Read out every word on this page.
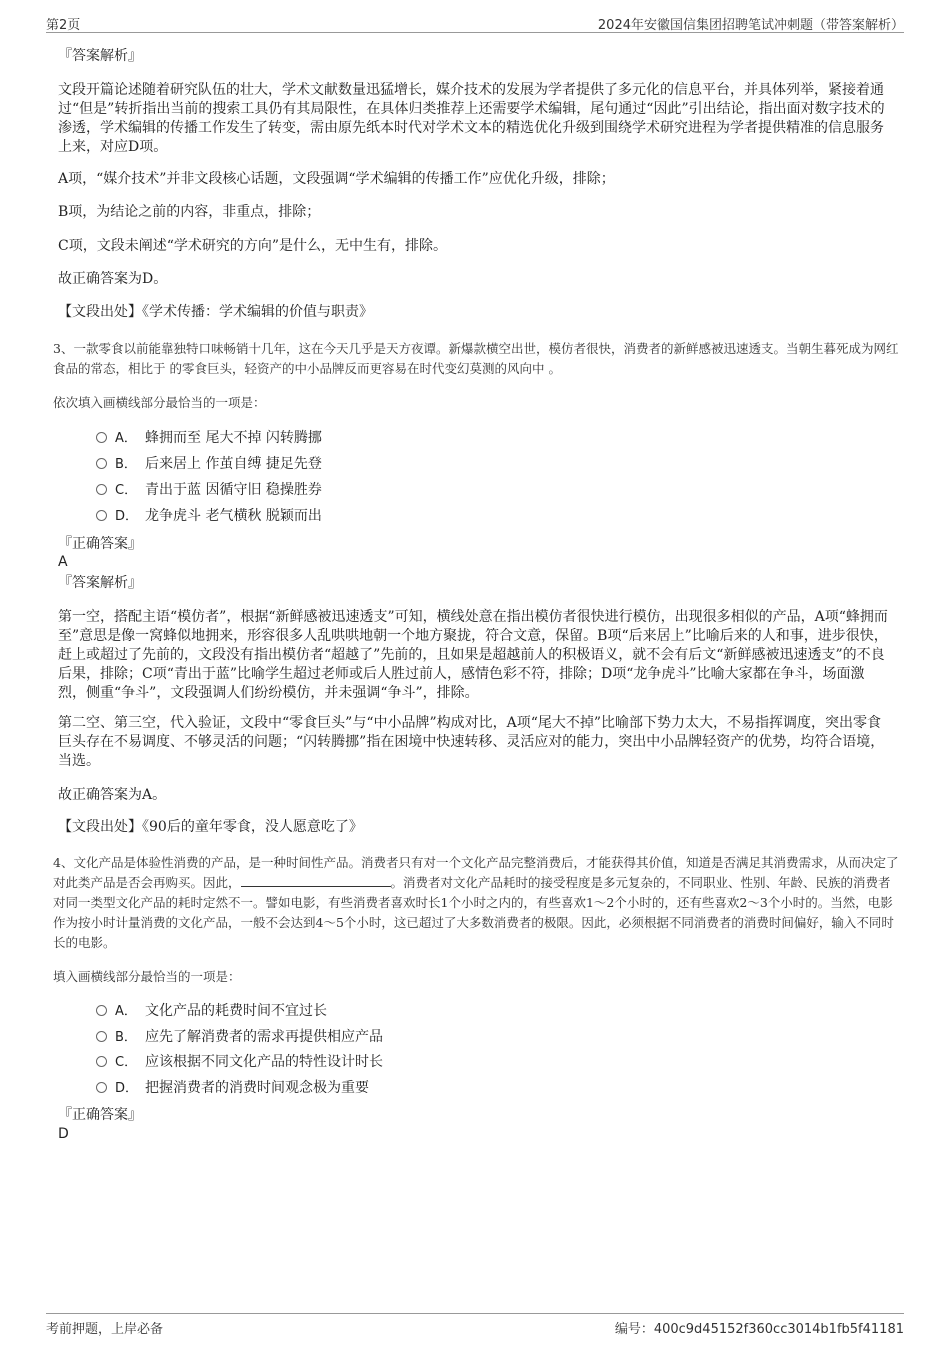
第2页	2024年安徽国信集团招聘笔试冲刺题（带答案解析）
『答案解析』
文段开篇论述随着研究队伍的壮大，学术文献数量迅猛增长，媒介技术的发展为学者提供了多元化的信息平台，并具体列举，紧接着通过“但是”转折指出当前的搜索工具仍有其局限性，在具体归类推荐上还需要学术编辑，尾句通过“因此”引出结论，指出面对数字技术的渗透，学术编辑的传播工作发生了转变，需由原先纸本时代对学术文本的精选优化升级到围绕学术研究进程为学者提供精准的信息服务上来，对应D项。
A项，“媒介技术”并非文段核心话题，文段强调“学术编辑的传播工作”应优化升级，排除；
B项，为结论之前的内容，非重点，排除；
C项，文段未阐述“学术研究的方向”是什么，无中生有，排除。
故正确答案为D。
【文段出处】《学术传播：学术编辑的价值与职责》
3、一款零食以前能靠独特口味畅销十几年，这在今天几乎是天方夜谭。新爆款横空出世，模仿者很快，消费者的新鲜感被迅速透支。当朝生暮死成为网红食品的常态，相比于 的零食巨头，轻资产的中小品牌反而更容易在时代变幻莫测的风向中 。
依次填入画横线部分最恰当的一项是：
A． 蜂拥而至 尾大不掉 闪转腾挪
B． 后来居上 作茧自缚 捷足先登
C． 青出于蓝 因循守旧 稳操胜券
D． 龙争虎斗 老气横秋 脱颖而出
『正确答案』
A
『答案解析』
第一空，搭配主语“模仿者”，根据“新鲜感被迅速透支”可知，横线处意在指出模仿者很快进行模仿，出现很多相似的产品，A项“蜂拥而至”意思是像一窝蜂似地拥来，形容很多人乱哄哄地朝一个地方聚拢，符合文意，保留。B项“后来居上”比喻后来的人和事，进步很快，赶上或超过了先前的，文段没有指出模仿者“超越了”先前的，且如果是超越前人的积极语义，就不会有后文“新鲜感被迅速透支”的不良后果，排除；C项“青出于蓝”比喻学生超过老师或后人胜过前人，感情色彩不符，排除；D项“龙争虎斗”比喻大家都在争斗，场面激烈，侧重“争斗”，文段强调人们纷纷模仿，并未强调“争斗”，排除。
第二空、第三空，代入验证，文段中“零食巨头”与“中小品牌”构成对比，A项“尾大不掉”比喻部下势力太大，不易指挥调度，突出零食巨头存在不易调度、不够灵活的问题；“闪转腾挪”指在困境中快速转移、灵活应对的能力，突出中小品牌轻资产的优势，均符合语境，当选。
故正确答案为A。
【文段出处】《90后的童年零食，没人愿意吃了》
4、文化产品是体验性消费的产品，是一种时间性产品。消费者只有对一个文化产品完整消费后，才能获得其价值，知道是否满足其消费需求，从而决定了对此类产品是否会再购买。因此，	。消费者对文化产品耗时的接受程度是多元复杂的，不同职业、性别、年龄、民族的消费者对同一类型文化产品的耗时定然不一。譬如电影，有些消费者喜欢时长1个小时之内的，有些喜欢1～2个小时的，还有些喜欢2～3个小时的。当然，电影作为按小时计量消费的文化产品，一般不会达到4～5个小时，这已超过了大多数消费者的极限。因此，必须根据不同消费者的消费时间偏好，输入不同时长的电影。
填入画横线部分最恰当的一项是：
A． 文化产品的耗费时间不宜过长
B． 应先了解消费者的需求再提供相应产品
C． 应该根据不同文化产品的特性设计时长
D． 把握消费者的消费时间观念极为重要
『正确答案』
D
考前押题，上岸必备	编号：400c9d45152f360cc3014b1fb5f41181
